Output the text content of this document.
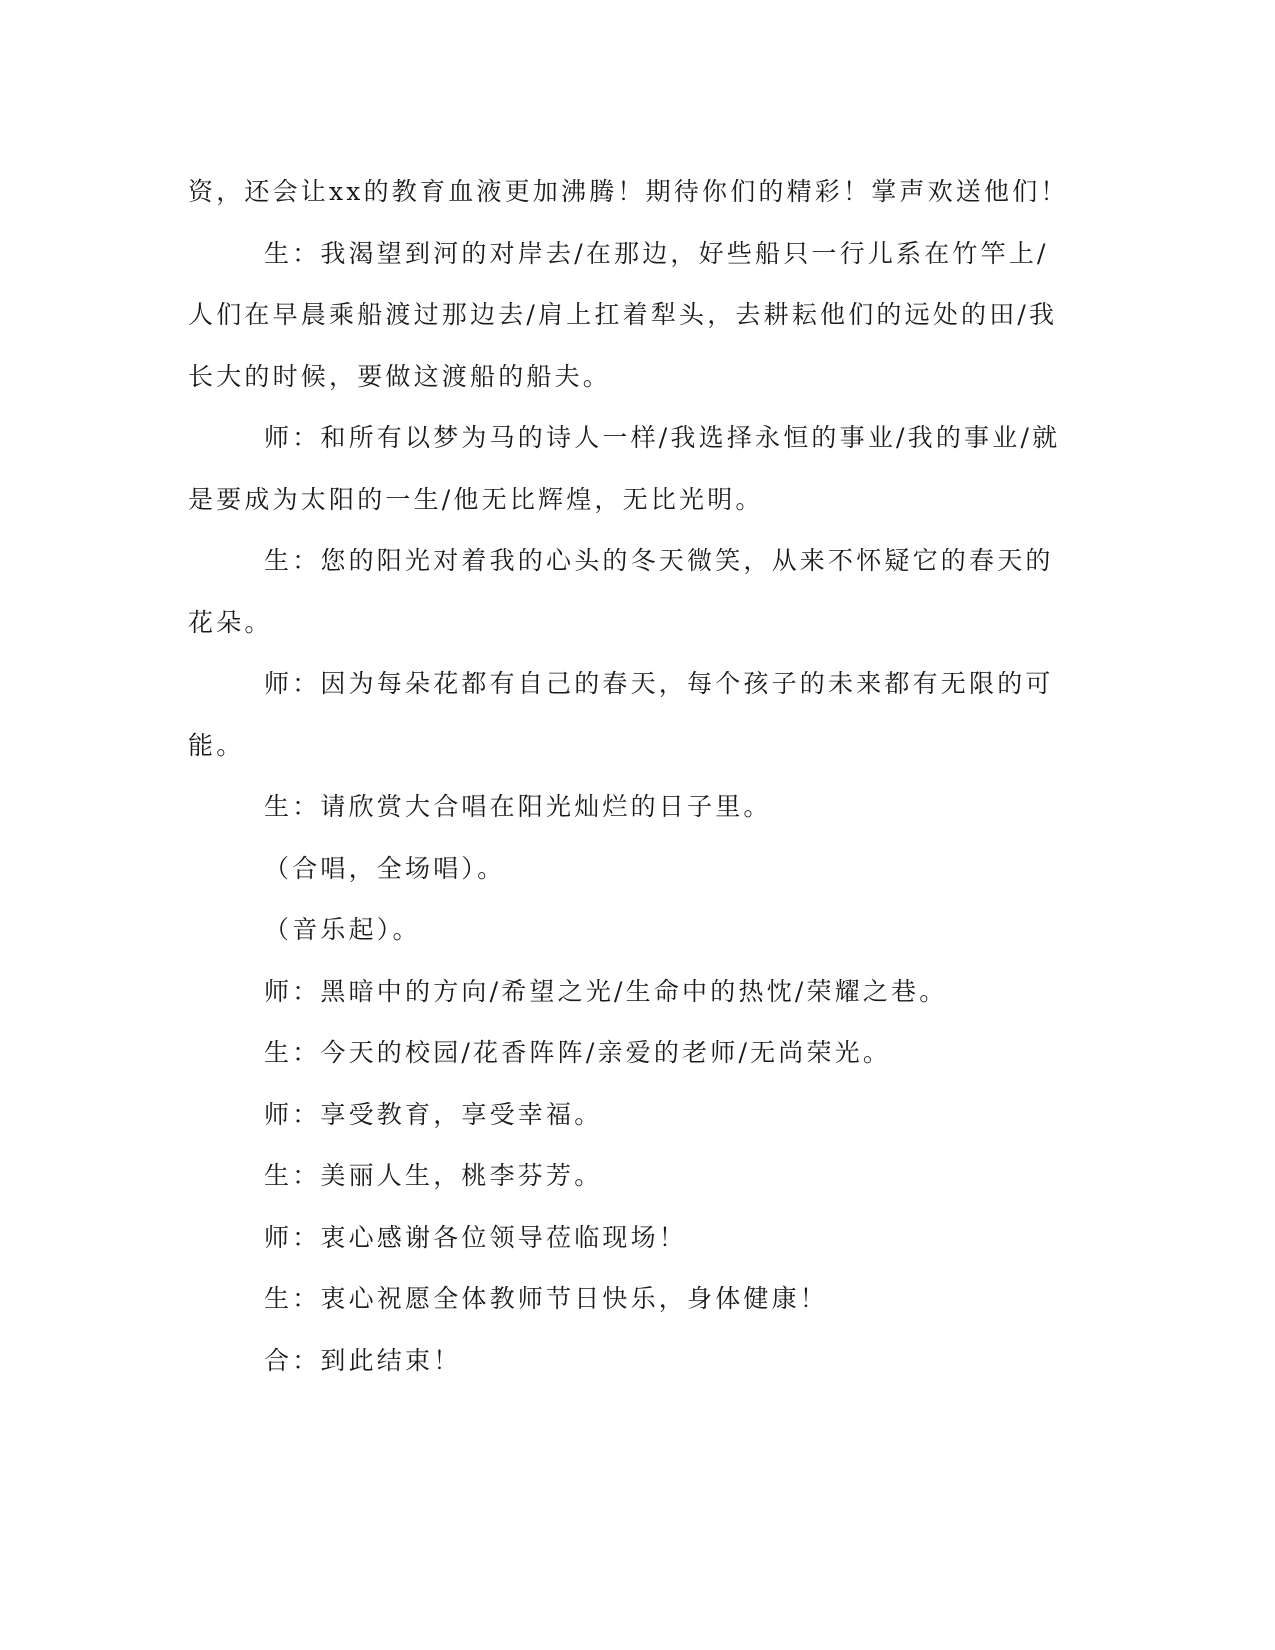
资，还会让xx的教育血液更加沸腾！期待你们的精彩！掌声欢送他们！

生：我渴望到河的对岸去/在那边，好些船只一行儿系在竹竿上/人们在早晨乘船渡过那边去/肩上扛着犁头，去耕耘他们的远处的田/我长大的时候，要做这渡船的船夫。

师：和所有以梦为马的诗人一样/我选择永恒的事业/我的事业/就是要成为太阳的一生/他无比辉煌，无比光明。

生：您的阳光对着我的心头的冬天微笑，从来不怀疑它的春天的花朵。

师：因为每朵花都有自己的春天，每个孩子的未来都有无限的可能。

生：请欣赏大合唱在阳光灿烂的日子里。

（合唱，全场唱）。

（音乐起）。

师：黑暗中的方向/希望之光/生命中的热忱/荣耀之巷。

生：今天的校园/花香阵阵/亲爱的老师/无尚荣光。

师：享受教育，享受幸福。

生：美丽人生，桃李芬芳。

师：衷心感谢各位领导莅临现场！

生：衷心祝愿全体教师节日快乐，身体健康！

合：到此结束！
